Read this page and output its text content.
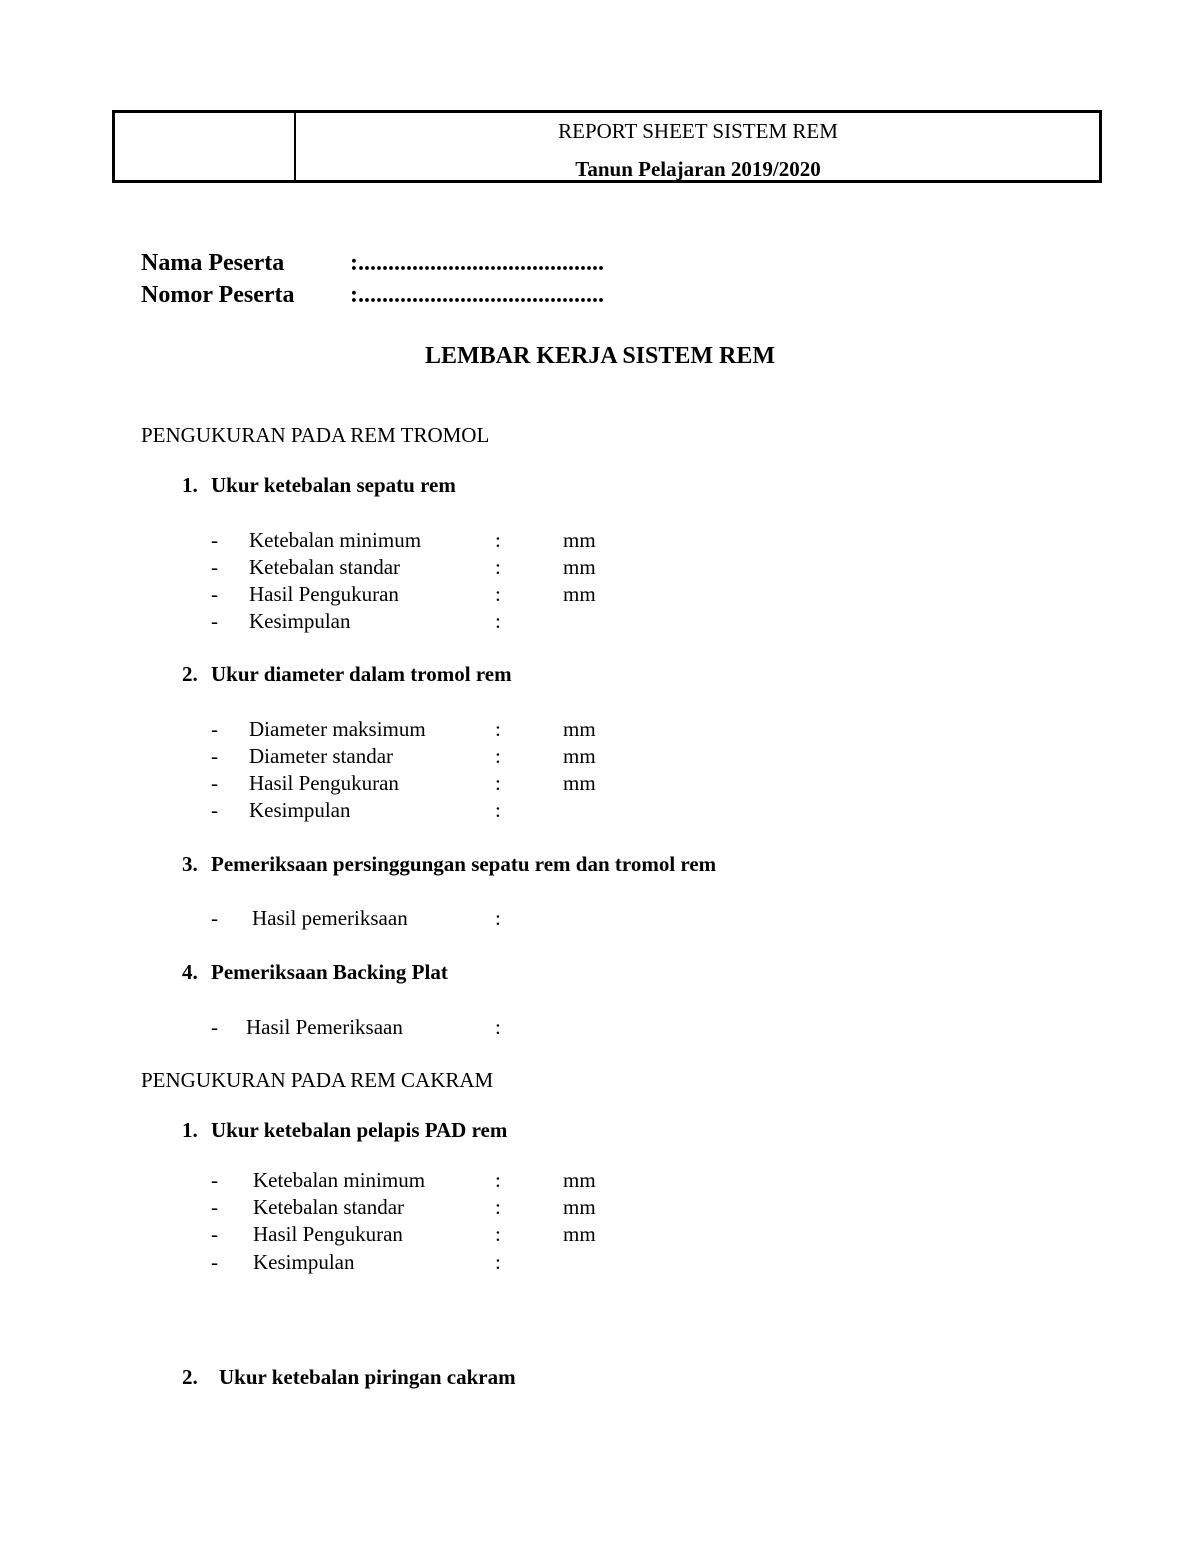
REPORT SHEET SISTEM REM
Tanun Pelajaran 2019/2020
Nama Peserta	:.........................................
Nomor Peserta :.........................................
LEMBAR KERJA SISTEM REM
PENGUKURAN PADA REM TROMOL
1. Ukur ketebalan sepatu rem
- Ketebalan minimum	:	mm
- Ketebalan standar	:	mm
- Hasil Pengukuran	:	mm
- Kesimpulan	:
2. Ukur diameter dalam tromol rem
- Diameter maksimum	:	mm
- Diameter standar	:	mm
- Hasil Pengukuran	:	mm
- Kesimpulan	:
3. Pemeriksaan persinggungan sepatu rem dan tromol rem
- Hasil pemeriksaan	:
4. Pemeriksaan Backing Plat
- Hasil Pemeriksaan	:
PENGUKURAN PADA REM CAKRAM
1. Ukur ketebalan pelapis PAD rem
- Ketebalan minimum	:	mm
- Ketebalan standar	:	mm
- Hasil Pengukuran	:	mm
- Kesimpulan	:
2. Ukur ketebalan piringan cakram
